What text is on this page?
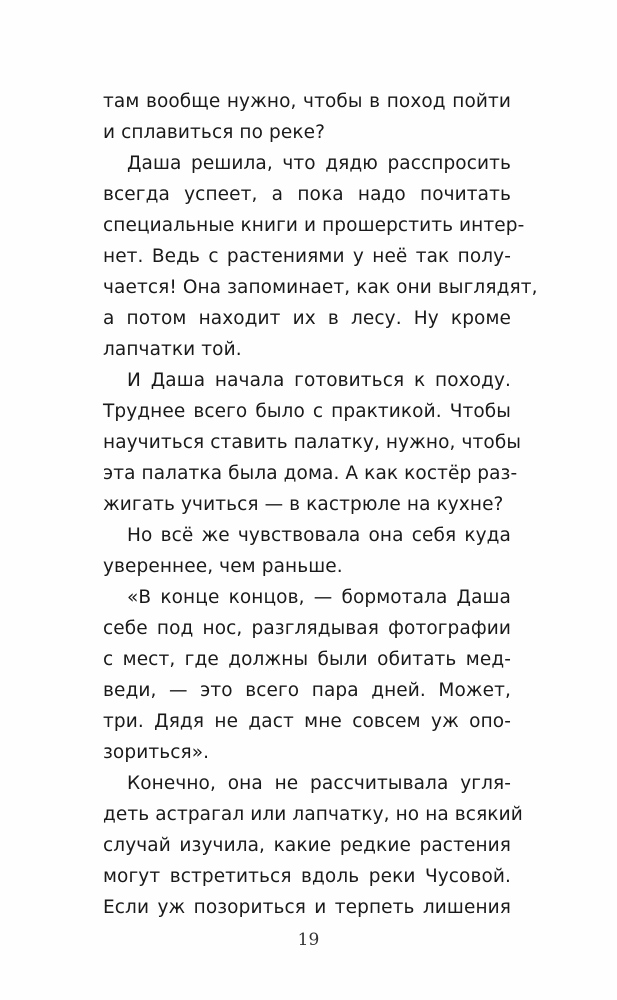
там вообще нужно, чтобы в поход пойти
и сплавиться по реке?
Даша решила, что дядю расспросить
всегда успеет, а пока надо почитать
специальные книги и прошерстить интер-
нет. Ведь с растениями у неё так полу-
чается! Она запоминает, как они выглядят,
а потом находит их в лесу. Ну кроме
лапчатки той.
И Даша начала готовиться к походу.
Труднее всего было с практикой. Чтобы
научиться ставить палатку, нужно, чтобы
эта палатка была дома. А как костёр раз-
жигать учиться — в кастрюле на кухне?
Но всё же чувствовала она себя куда
увереннее, чем раньше.
«В конце концов, — бормотала Даша
себе под нос, разглядывая фотографии
с мест, где должны были обитать мед-
веди, — это всего пара дней. Может,
три. Дядя не даст мне совсем уж опо-
зориться».
Конечно, она не рассчитывала угля-
деть астрагал или лапчатку, но на всякий
случай изучила, какие редкие растения
могут встретиться вдоль реки Чусовой.
Если уж позориться и терпеть лишения
19
